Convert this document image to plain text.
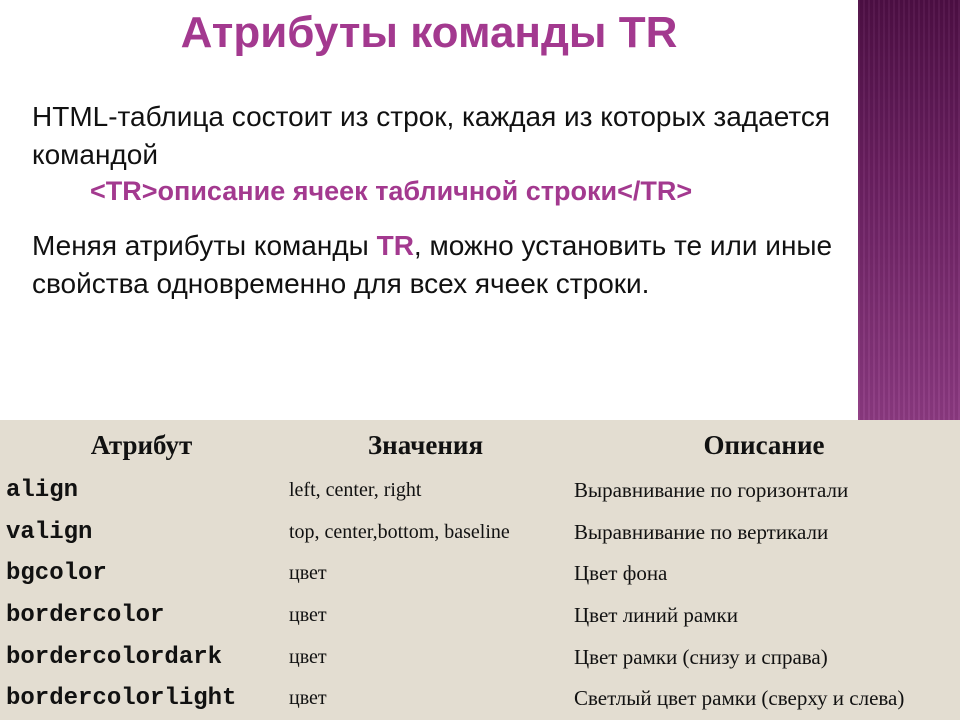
Атрибуты команды TR
HTML-таблица состоит из строк, каждая из которых задается командой
<TR>описание ячеек табличной строки</TR>
Меняя атрибуты команды TR, можно установить те или иные свойства одновременно для всех ячеек строки.
Атрибут	Значения	Описание
align	left, center, right	Выравнивание по горизонтали
valign	top, center,bottom, baseline	Выравнивание по вертикали
bgcolor	цвет	Цвет фона
bordercolor	цвет	Цвет линий рамки
bordercolordark	цвет	Цвет рамки (снизу и справа)
bordercolorlight	цвет	Светлый цвет рамки (сверху и слева)
